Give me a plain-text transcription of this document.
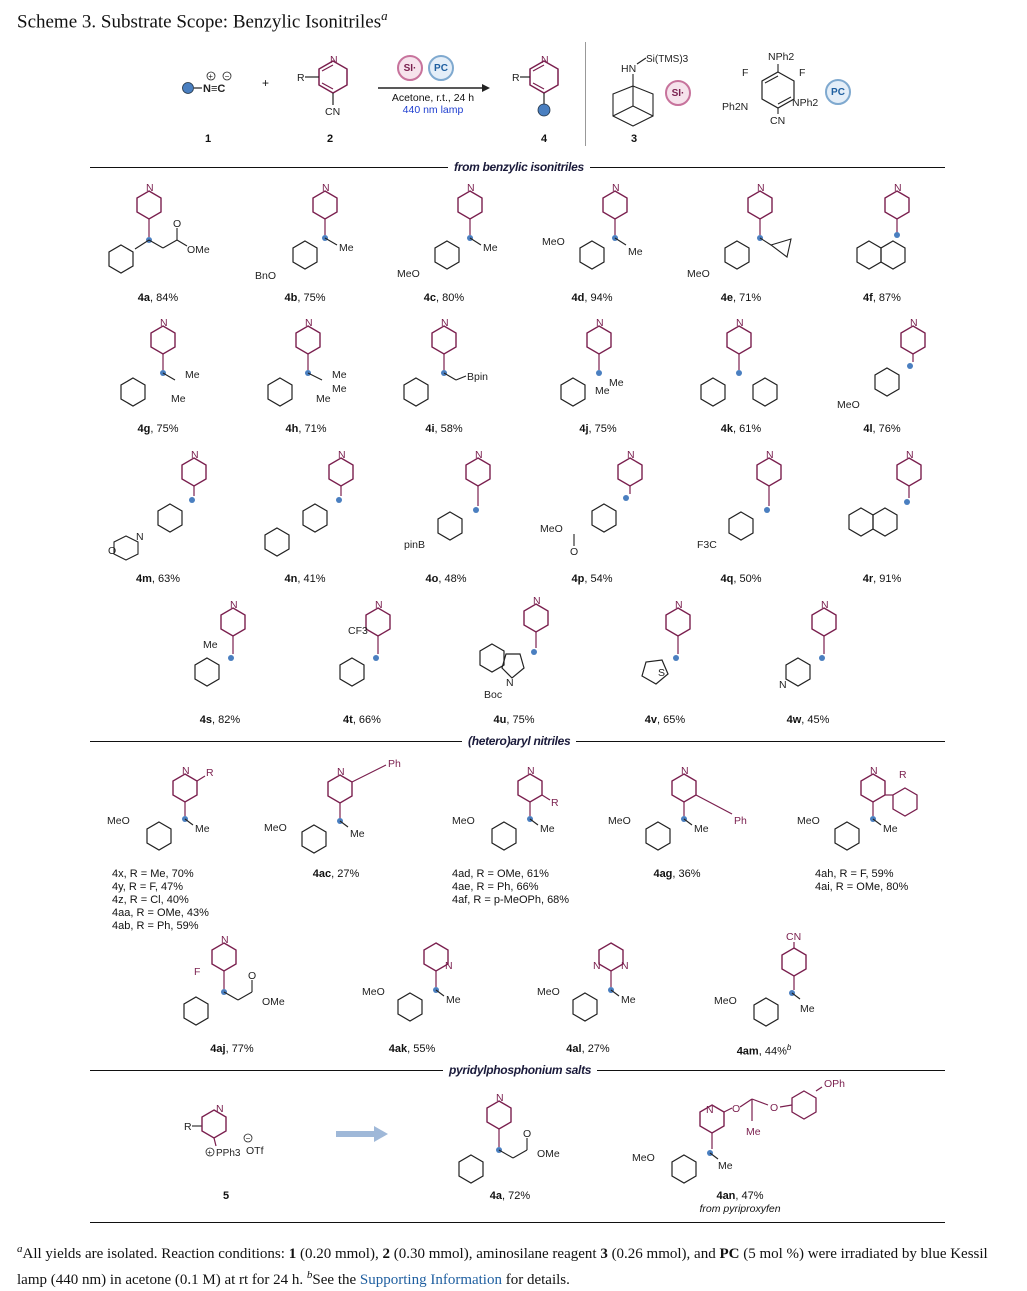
Scheme 3. Substrate Scope: Benzylic Isonitriles$^a$
N≡C
+ −
1
+
N
CN
R
2
SI·	PC
Acetone, r.t., 24 h
440 nm lamp
N
R
4
HN
Si(TMS)3
SI·
3
NPh2
F	F
Ph2N	NPh2
CN
PC
from benzylic isonitriles
N
O
OMe
N
Me
BnO
N
Me
MeO
N
Me
MeO
N
MeO
N
4a, 84%	4b, 75%	4c, 80%	4d, 94%	4e, 71%	4f, 87%
N
Me
Me
N
Me
Me
Me
N
Bpin
N
Me
Me
N	N
MeO
4g, 75%	4h, 71%	4i, 58%	4j, 75%	4k, 61%	4l, 76%
N
N
O
N	N
pinB
N
MeO
O
N
F3C
N
4m, 63%	4n, 41%	4o, 48%	4p, 54%	4q, 50%	4r, 91%
N
Me
N
CF3
N
N
Boc
N
S
N
N
4s, 82%	4t, 66%	4u, 75%	4v, 65%	4w, 45%
(hetero)aryl nitriles
N R
Me
MeO
4x, R = Me, 70%
4y, R = F, 47%
4z, R = Cl, 40%
4aa, R = OMe, 43%
4ab, R = Ph, 59%
N
Ph
Me
MeO
4ac, 27%
N
R
Me
MeO
4ad, R = OMe, 61%
4ae, R = Ph, 66%
4af, R = p-MeOPh, 68%
N
Ph
Me
MeO
4ag, 36%
N R
Me
MeO
4ah, R = F, 59%
4ai, R = OMe, 80%
N
F	O
OMe
4aj, 77%
N
Me
MeO
4ak, 55%
N N
Me
MeO
4al, 27%
CN
Me
MeO
4am, 44%$^b$
pyridylphosphonium salts
R
N
+ PPh3
−
OTf
5
N
O
OMe
4a, 72%
N O
Me
O
OPh
Me
MeO
4an, 47%
from pyriproxyfen
$^a$All yields are isolated. Reaction conditions: 1 (0.20 mmol), 2 (0.30 mmol), aminosilane reagent 3 (0.26 mmol), and PC (5 mol %) were irradiated by blue Kessil lamp (440 nm) in acetone (0.1 M) at rt for 24 h. $^b$See the Supporting Information for details.
